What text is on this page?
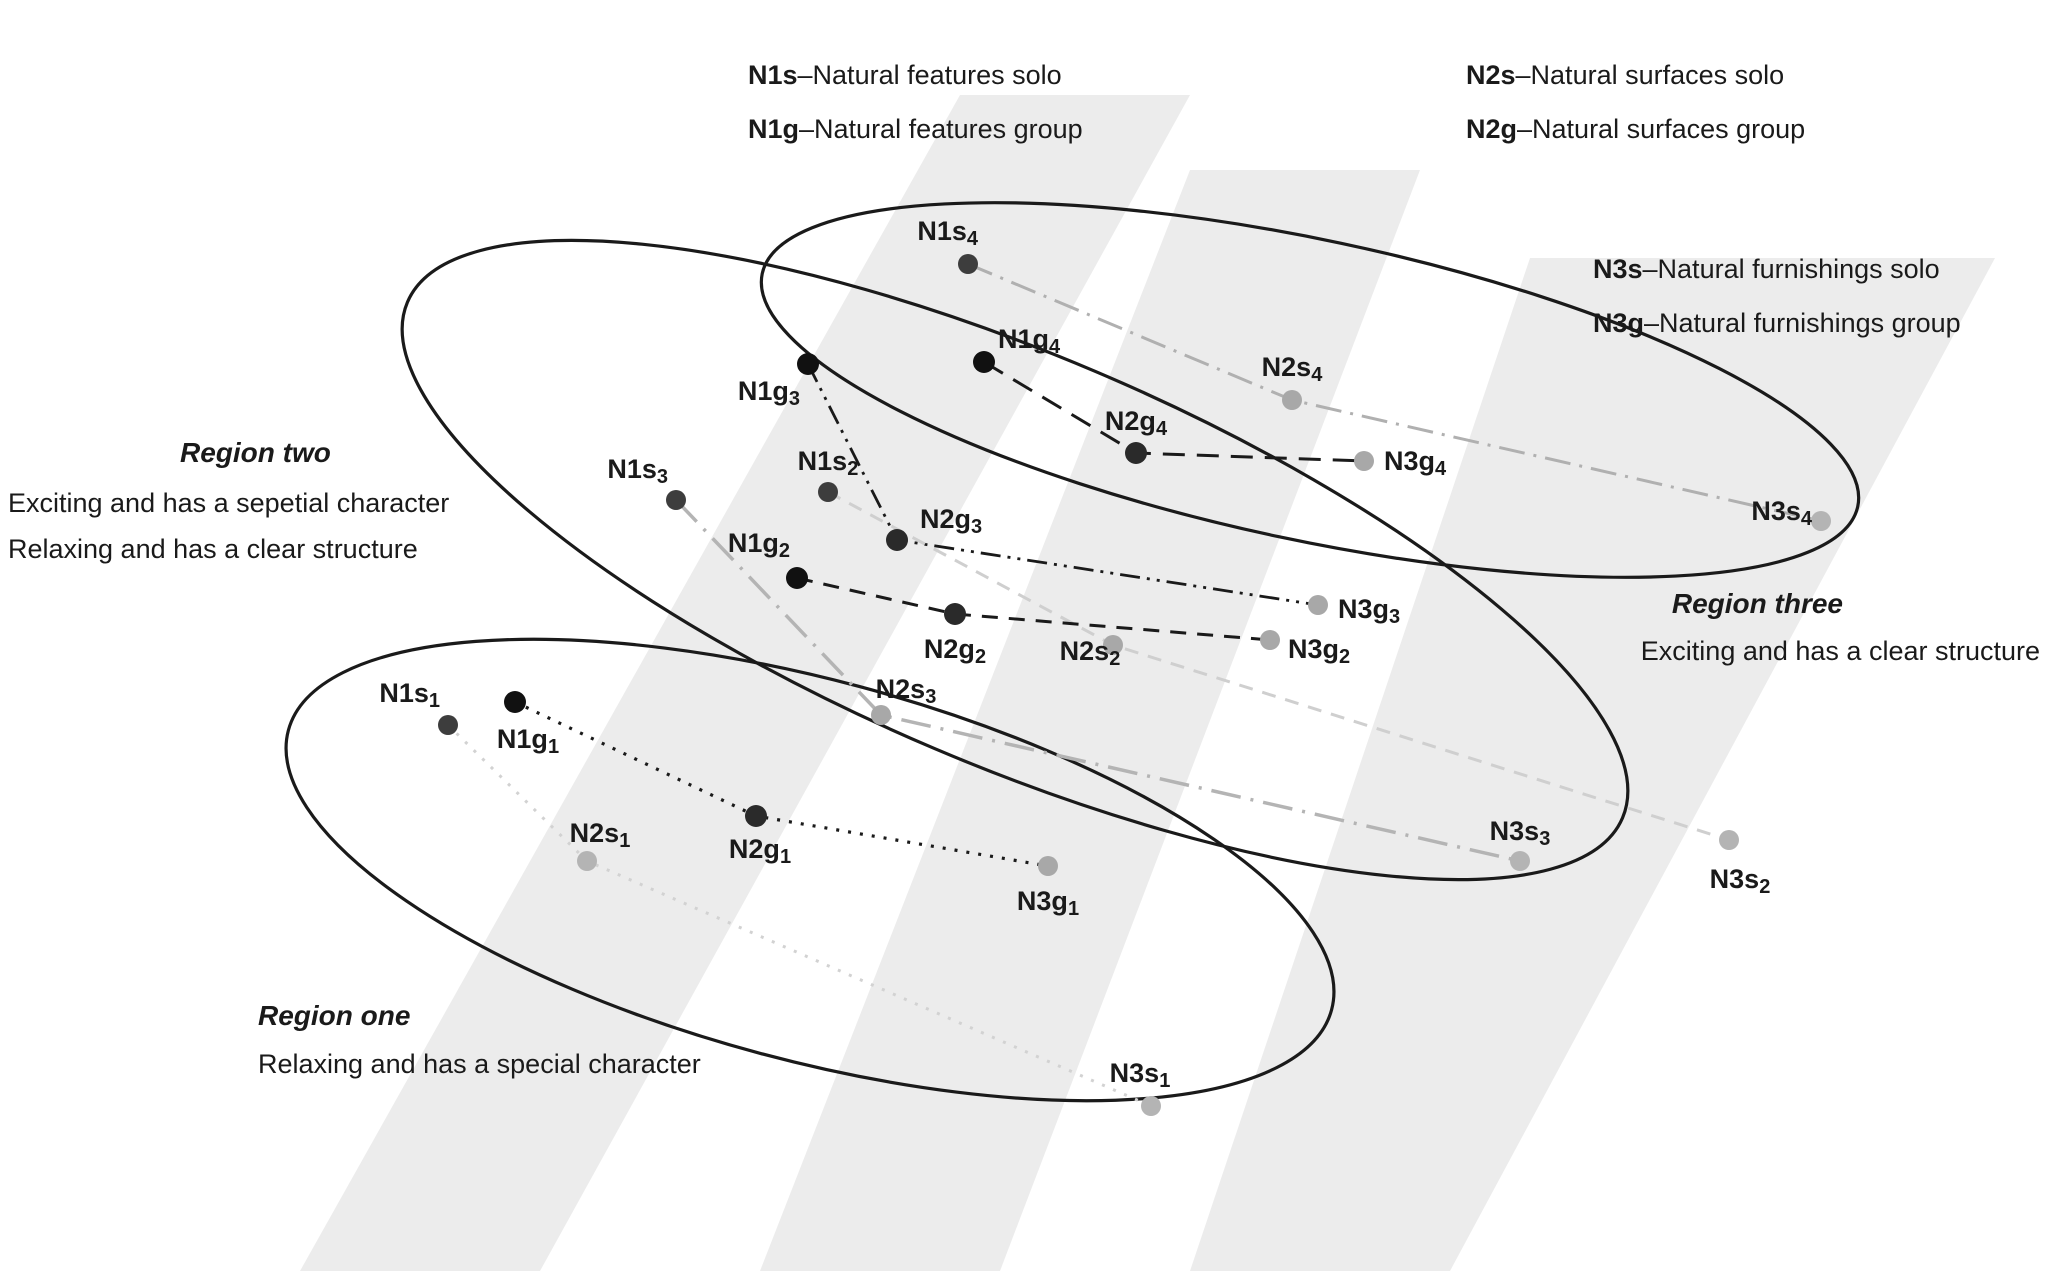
N1s4
N1g4
N2s4
N2g4
N3g4
N3s4
N1g3
N1s3
N1s2
N2g3
N1g2
N2g2
N3g3
N2s2	N3g2
N2s3
N1s1
N1g1
N2s1	N2g1
N3g1
N3s3
N3s2
N3s1
N1s–Natural features solo
N1g–Natural features group
N2s–Natural surfaces solo
N2g–Natural surfaces group
N3s–Natural furnishings solo
N3g–Natural furnishings group
Region one
Relaxing and has a special character
Region two
Exciting and has a sepetial character
Relaxing and has a clear structure
Region three
Exciting and has a clear structure
